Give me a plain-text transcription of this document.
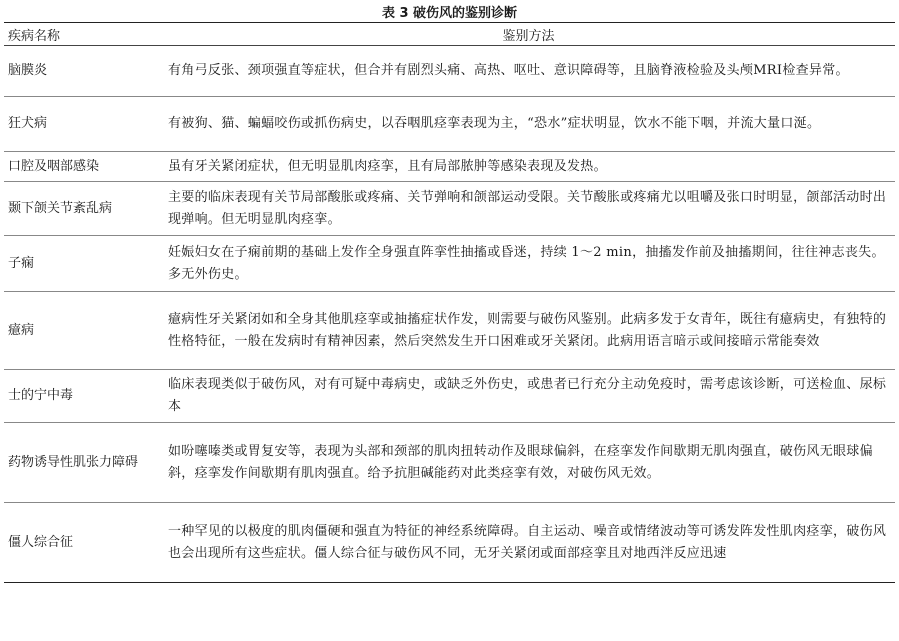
表 3 破伤风的鉴别诊断
疾病名称	鉴别方法
脑膜炎	有角弓反张、颈项强直等症状，但合并有剧烈头痛、高热、呕吐、意识障碍等，且脑脊液检验及头颅MRI检查异常。
狂犬病	有被狗、猫、蝙蝠咬伤或抓伤病史，以吞咽肌痉挛表现为主，“恐水”症状明显，饮水不能下咽，并流大量口涎。
口腔及咽部感染	虽有牙关紧闭症状，但无明显肌肉痉挛，且有局部脓肿等感染表现及发热。
颞下颌关节紊乱病	主要的临床表现有关节局部酸胀或疼痛、关节弹响和颌部运动受限。关节酸胀或疼痛尤以咀嚼及张口时明显，颌部活动时出现弹响。但无明显肌肉痉挛。
子痫	妊娠妇女在子痫前期的基础上发作全身强直阵挛性抽搐或昏迷，持续 1～2 min，抽搐发作前及抽搐期间，往往神志丧失。多无外伤史。
癔病	癔病性牙关紧闭如和全身其他肌痉挛或抽搐症状作发，则需要与破伤风鉴别。此病多发于女青年，既往有癔病史，有独特的性格特征，一般在发病时有精神因素，然后突然发生开口困难或牙关紧闭。此病用语言暗示或间接暗示常能奏效
士的宁中毒	临床表现类似于破伤风，对有可疑中毒病史，或缺乏外伤史，或患者已行充分主动免疫时，需考虑该诊断，可送检血、尿标本
药物诱导性肌张力障碍	如吩噻嗪类或胃复安等，表现为头部和颈部的肌肉扭转动作及眼球偏斜，在痉挛发作间歇期无肌肉强直，破伤风无眼球偏斜，痉挛发作间歇期有肌肉强直。给予抗胆碱能药对此类痉挛有效，对破伤风无效。
僵人综合征	一种罕见的以极度的肌肉僵硬和强直为特征的神经系统障碍。自主运动、噪音或情绪波动等可诱发阵发性肌肉痉挛，破伤风也会出现所有这些症状。僵人综合征与破伤风不同，无牙关紧闭或面部痉挛且对地西泮反应迅速
